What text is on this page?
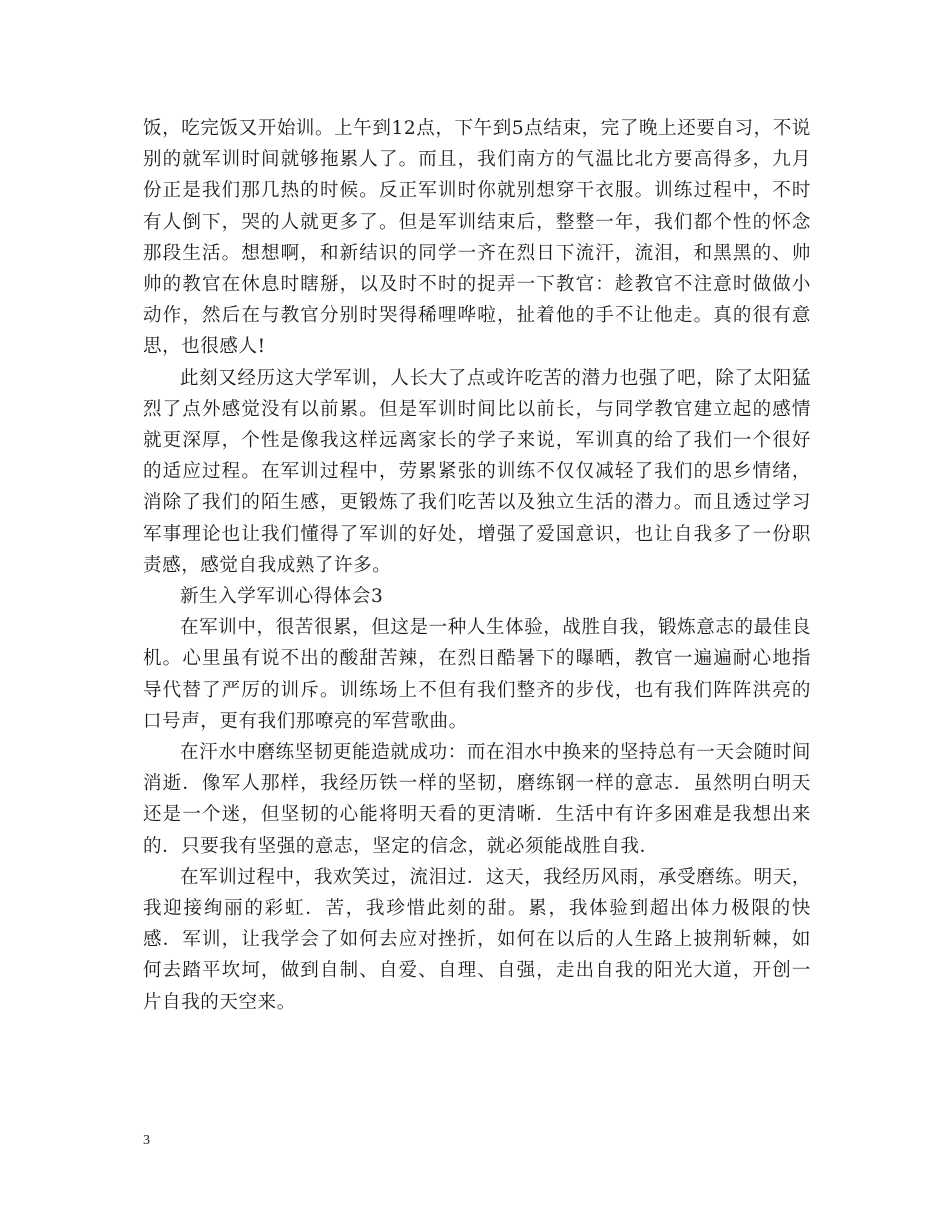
饭，吃完饭又开始训。上午到12点，下午到5点结束，完了晚上还要自习，不说别的就军训时间就够拖累人了。而且，我们南方的气温比北方要高得多，九月份正是我们那几热的时候。反正军训时你就别想穿干衣服。训练过程中，不时有人倒下，哭的人就更多了。但是军训结束后，整整一年，我们都个性的怀念那段生活。想想啊，和新结识的同学一齐在烈日下流汗，流泪，和黑黑的、帅帅的教官在休息时瞎掰，以及时不时的捉弄一下教官：趁教官不注意时做做小动作，然后在与教官分别时哭得稀哩哗啦，扯着他的手不让他走。真的很有意思，也很感人!

此刻又经历这大学军训，人长大了点或许吃苦的潜力也强了吧，除了太阳猛烈了点外感觉没有以前累。但是军训时间比以前长，与同学教官建立起的感情就更深厚，个性是像我这样远离家长的学子来说，军训真的给了我们一个很好的适应过程。在军训过程中，劳累紧张的训练不仅仅减轻了我们的思乡情绪，消除了我们的陌生感，更锻炼了我们吃苦以及独立生活的潜力。而且透过学习军事理论也让我们懂得了军训的好处，增强了爱国意识，也让自我多了一份职责感，感觉自我成熟了许多。

新生入学军训心得体会3

在军训中，很苦很累，但这是一种人生体验，战胜自我，锻炼意志的最佳良机。心里虽有说不出的酸甜苦辣，在烈日酷暑下的曝晒，教官一遍遍耐心地指导代替了严厉的训斥。训练场上不但有我们整齐的步伐，也有我们阵阵洪亮的口号声，更有我们那嘹亮的军营歌曲。

在汗水中磨练坚韧更能造就成功：而在泪水中换来的坚持总有一天会随时间消逝．像军人那样，我经历铁一样的坚韧，磨练钢一样的意志．虽然明白明天还是一个迷，但坚韧的心能将明天看的更清晰．生活中有许多困难是我想出来的．只要我有坚强的意志，坚定的信念，就必须能战胜自我．

在军训过程中，我欢笑过，流泪过．这天，我经历风雨，承受磨练。明天，我迎接绚丽的彩虹．苦，我珍惜此刻的甜。累，我体验到超出体力极限的快感．军训，让我学会了如何去应对挫折，如何在以后的人生路上披荆斩棘，如何去踏平坎坷，做到自制、自爱、自理、自强，走出自我的阳光大道，开创一片自我的天空来。

3
